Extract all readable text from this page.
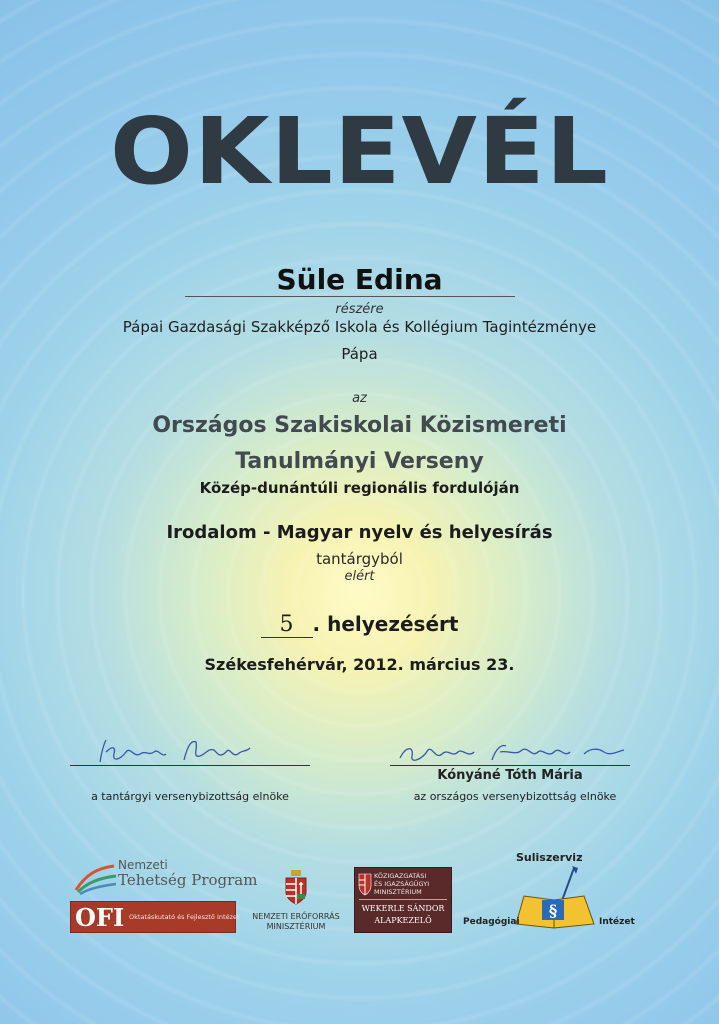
OKLEVÉL
Süle Edina
részére
Pápai Gazdasági Szakképző Iskola és Kollégium Tagintézménye
Pápa
az
Országos Szakiskolai Közismereti
Tanulmányi Verseny
Közép-dunántúli regionális fordulóján
Irodalom - Magyar nyelv és helyesírás
tantárgyból
elért
5 . helyezésért
Székesfehérvár, 2012. március 23.
a tantárgyi versenybizottság elnöke
Kónyáné Tóth Mária
az országos versenybizottság elnöke
Nemzeti
Tehetség Program
OFI Oktatáskutató és Fejlesztő Intézet	NEMZETI ERŐFORRÁS
MINISZTÉRIUM
KÖZIGAZGATÁSI
ÉS IGAZSÁGÜGYI
MINISZTÉRIUM
WEKERLE SÁNDOR
ALAPKEZELŐ
Suliszerviz
§
Pedagógiai	Intézet
